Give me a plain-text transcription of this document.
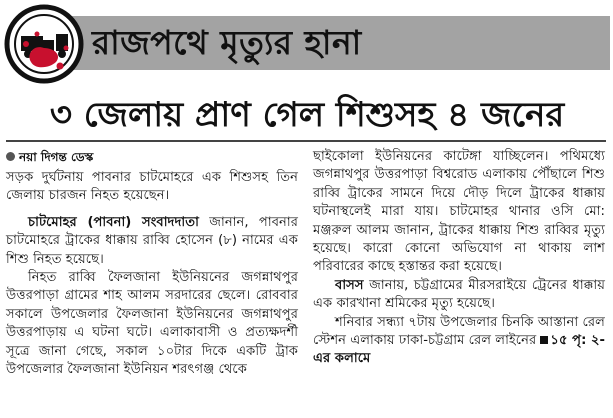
রাজপথে মৃত্যুর হানা
৩ জেলায় প্রাণ গেল শিশুসহ ৪ জনের
নয়া দিগন্ত ডেস্ক

সড়ক দুর্ঘটনায় পাবনার চাটমোহরে এক শিশুসহ তিন জেলায় চারজন নিহত হয়েছেন।

চাটমোহর (পাবনা) সংবাদদাতা জানান, পাবনার চাটমোহরে ট্রাকের ধাক্কায় রাব্বি হোসেন (৮) নামের এক শিশু নিহত হয়েছে।

নিহত রাব্বি ফৈলজানা ইউনিয়নের জগন্নাথপুর উত্তরপাড়া গ্রামের শাহ আলম সরদারের ছেলে। রোববার সকালে উপজেলার ফৈলজানা ইউনিয়নের জগন্নাথপুর উত্তরপাড়ায় এ ঘটনা ঘটে। এলাকাবাসী ও প্রত্যক্ষদর্শী সূত্রে জানা গেছে, সকাল ১০টার দিকে একটি ট্রাক উপজেলার ফৈলজানা ইউনিয়ন শরৎগঞ্জ থেকে

ছাইকোলা ইউনিয়নের কাটেঙ্গা যাচ্ছিলেন। পথিমধ্যে জগন্নাথপুর উত্তরপাড়া বিশ্বরোড এলাকায় পৌঁছালে শিশু রাব্বি ট্রাকের সামনে দিয়ে দৌড় দিলে ট্রাকের ধাক্কায় ঘটনাস্থলেই মারা যায়। চাটমোহর থানার ওসি মো: মঞ্জরুল আলম জানান, ট্রাকের ধাক্কায় শিশু রাব্বির মৃত্যু হয়েছে। কারো কোনো অভিযোগ না থাকায় লাশ পরিবারের কাছে হস্তান্তর করা হয়েছে।

বাসস জানায়, চট্টগ্রামের মীরসরাইয়ে ট্রেনের ধাক্কায় এক কারখানা শ্রমিকের মৃত্যু হয়েছে।

শনিবার সন্ধ্যা ৭টায় উপজেলার চিনকি আস্তানা রেল স্টেশন এলাকায় ঢাকা-চট্টগ্রাম রেল লাইনের ১৫ পৃ: ২-এর কলামে
